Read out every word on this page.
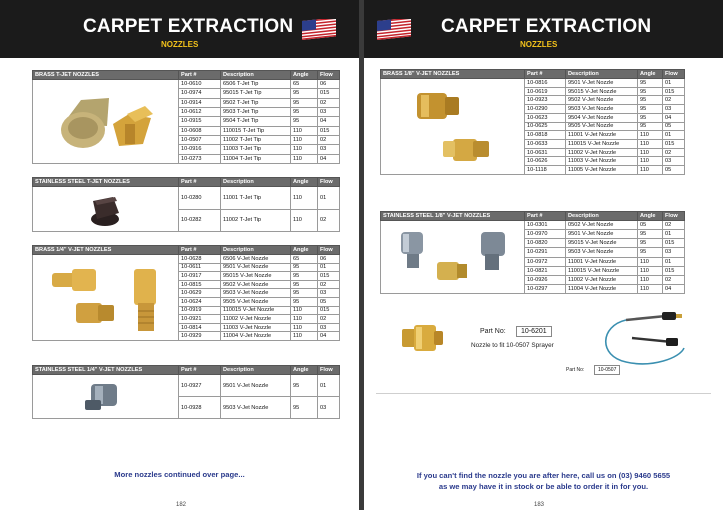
CARPET EXTRACTION
NOZZLES
BRASS T-JET NOZZLES	Part #	Description	Angle	Flow

	10-0610	6506 T-Jet Tip	65	06
	10-0974	95015 T-Jet Tip	95	015
	10-0914	9502 T-Jet Tip	95	02
	10-0612	9503 T-Jet Tip	95	03
	10-0915	9504 T-Jet Tip	95	04
	10-0608	110015 T-Jet Tip	110	015
	10-0507	11002 T-Jet Tip	110	02
	10-0916	11003 T-Jet Tip	110	03
	10-0273	11004 T-Jet Tip	110	04
STAINLESS STEEL T-JET NOZZLES	Part #	Description	Angle	Flow

	10-0280	11001 T-Jet Tip	110	01
	10-0282	11002 T-Jet Tip	110	02
BRASS 1/4" V-JET NOZZLES	Part #	Description	Angle	Flow

	10-0628	6506 V-Jet Nozzle	65	06
	10-0611	9501 V-Jet Nozzle	95	01
	10-0917	95015 V-Jet Nozzle	95	015
	10-0815	9502 V-Jet Nozzle	95	02
	10-0629	9503 V-Jet Nozzle	95	03
	10-0624	9505 V-Jet Nozzle	95	05
	10-0919	110015 V-Jet Nozzle	110	015
	10-0921	11002 V-Jet Nozzle	110	02
	10-0814	11003 V-Jet Nozzle	110	03
	10-0929	11004 V-Jet Nozzle	110	04
STAINLESS STEEL 1/4" V-JET NOZZLES	Part #	Description	Angle	Flow

	10-0927	9501 V-Jet Nozzle	95	01
	10-0928	9503 V-Jet Nozzle	95	03
More nozzles continued over page...
182
CARPET EXTRACTION
NOZZLES
BRASS 1/8" V-JET NOZZLES	Part #	Description	Angle	Flow

	10-0816	9501 V-Jet Nozzle	95	01
	10-0619	95015 V-Jet Nozzle	95	015
	10-0923	9502 V-Jet Nozzle	95	02
	10-0290	9503 V-Jet Nozzle	95	03
	10-0623	9504 V-Jet Nozzle	95	04
	10-0625	9505 V-Jet Nozzle	95	05
	10-0818	11001 V-Jet Nozzle	110	01
	10-0633	110015 V-Jet Nozzle	110	015
	10-0631	11002 V-Jet Nozzle	110	02
	10-0626	11003 V-Jet Nozzle	110	03
	10-1118	11005 V-Jet Nozzle	110	05
STAINLESS STEEL 1/8" V-JET NOZZLES	Part #	Description	Angle	Flow

	10-0301	0502 V-Jet Nozzle	05	02
	10-0970	9501 V-Jet Nozzle	95	01
	10-0820	95015 V-Jet Nozzle	95	015
	10-0291	9503 V-Jet Nozzle	95	03
	10-0972	11001 V-Jet Nozzle	110	01
	10-0821	110015 V-Jet Nozzle	110	015
	10-0926	11002 V-Jet Nozzle	110	02
	10-0297	11004 V-Jet Nozzle	110	04
Part No:	10-6201
Nozzle to fit 10-0507 Sprayer
Part No:	10-0507
If you can't find the nozzle you are after here, call us on (03) 9460 5655
as we may have it in stock or be able to order it in for you.
183
